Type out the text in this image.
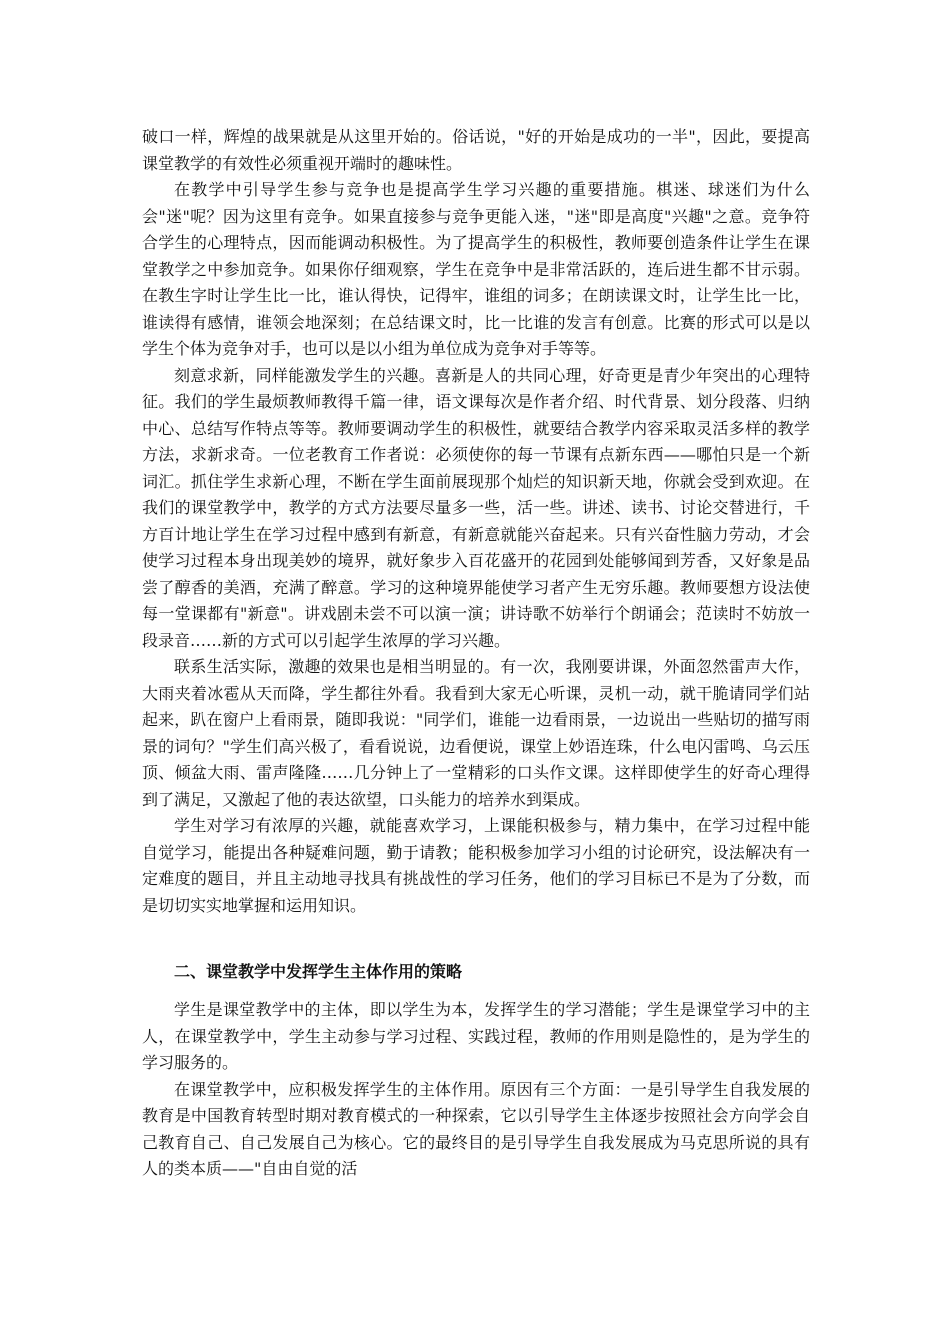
破口一样，辉煌的战果就是从这里开始的。俗话说，"好的开始是成功的一半"，因此，要提高课堂教学的有效性必须重视开端时的趣味性。

在教学中引导学生参与竞争也是提高学生学习兴趣的重要措施。棋迷、球迷们为什么会"迷"呢？因为这里有竞争。如果直接参与竞争更能入迷，"迷"即是高度"兴趣"之意。竞争符合学生的心理特点，因而能调动积极性。为了提高学生的积极性，教师要创造条件让学生在课堂教学之中参加竞争。如果你仔细观察，学生在竞争中是非常活跃的，连后进生都不甘示弱。在教生字时让学生比一比，谁认得快，记得牢，谁组的词多；在朗读课文时，让学生比一比，谁读得有感情，谁领会地深刻；在总结课文时，比一比谁的发言有创意。比赛的形式可以是以学生个体为竞争对手，也可以是以小组为单位成为竞争对手等等。

刻意求新，同样能激发学生的兴趣。喜新是人的共同心理，好奇更是青少年突出的心理特征。我们的学生最烦教师教得千篇一律，语文课每次是作者介绍、时代背景、划分段落、归纳中心、总结写作特点等等。教师要调动学生的积极性，就要结合教学内容采取灵活多样的教学方法，求新求奇。一位老教育工作者说：必须使你的每一节课有点新东西——哪怕只是一个新词汇。抓住学生求新心理，不断在学生面前展现那个灿烂的知识新天地，你就会受到欢迎。在我们的课堂教学中，教学的方式方法要尽量多一些，活一些。讲述、读书、讨论交替进行，千方百计地让学生在学习过程中感到有新意，有新意就能兴奋起来。只有兴奋性脑力劳动，才会使学习过程本身出现美妙的境界，就好象步入百花盛开的花园到处能够闻到芳香，又好象是品尝了醇香的美酒，充满了醉意。学习的这种境界能使学习者产生无穷乐趣。教师要想方设法使每一堂课都有"新意"。讲戏剧未尝不可以演一演；讲诗歌不妨举行个朗诵会；范读时不妨放一段录音……新的方式可以引起学生浓厚的学习兴趣。

联系生活实际，激趣的效果也是相当明显的。有一次，我刚要讲课，外面忽然雷声大作，大雨夹着冰雹从天而降，学生都往外看。我看到大家无心听课，灵机一动，就干脆请同学们站起来，趴在窗户上看雨景，随即我说："同学们，谁能一边看雨景，一边说出一些贴切的描写雨景的词句？"学生们高兴极了，看看说说，边看便说，课堂上妙语连珠，什么电闪雷鸣、乌云压顶、倾盆大雨、雷声隆隆……几分钟上了一堂精彩的口头作文课。这样即使学生的好奇心理得到了满足，又激起了他的表达欲望，口头能力的培养水到渠成。

学生对学习有浓厚的兴趣，就能喜欢学习，上课能积极参与，精力集中，在学习过程中能自觉学习，能提出各种疑难问题，勤于请教；能积极参加学习小组的讨论研究，设法解决有一定难度的题目，并且主动地寻找具有挑战性的学习任务，他们的学习目标已不是为了分数，而是切切实实地掌握和运用知识。

二、课堂教学中发挥学生主体作用的策略

学生是课堂教学中的主体，即以学生为本，发挥学生的学习潜能；学生是课堂学习中的主人，在课堂教学中，学生主动参与学习过程、实践过程，教师的作用则是隐性的，是为学生的学习服务的。

在课堂教学中，应积极发挥学生的主体作用。原因有三个方面：一是引导学生自我发展的教育是中国教育转型时期对教育模式的一种探索，它以引导学生主体逐步按照社会方向学会自己教育自己、自己发展自己为核心。它的最终目的是引导学生自我发展成为马克思所说的具有人的类本质——"自由自觉的活
